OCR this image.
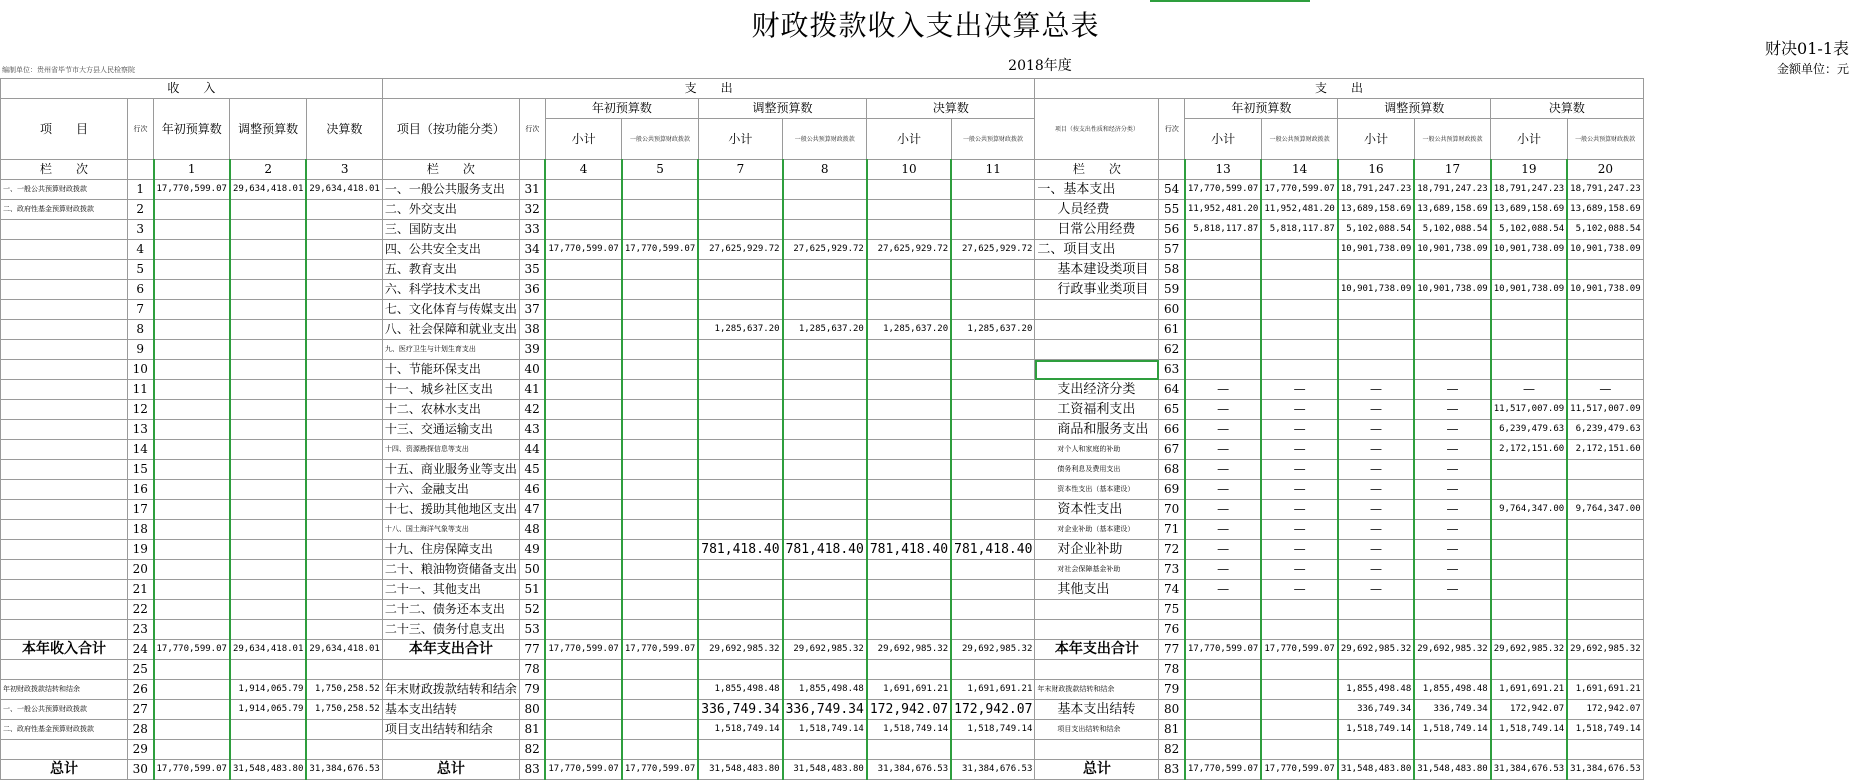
财政拨款收入支出决算总表
编制单位：贵州省毕节市大方县人民检察院	2018年度
财决01-1表
金额单位：元
收　　入					支　　出								支　　出							
项　　目	行次	年初预算数	调整预算数	决算数	项目（按功能分类）	行次	年初预算数		调整预算数		决算数		项目（按支出性质和经济分类）	行次	年初预算数		调整预算数		决算数	
							小计	一般公共预算财政拨款	小计	一般公共预算财政拨款	小计	一般公共预算财政拨款			小计	一般公共预算财政拨款	小计	一般公共预算财政拨款	小计	一般公共预算财政拨款

栏　　次		1	2	3	栏　　次		4	5	7	8	10	11	栏　　次		13	14	16	17	19	20
一、一般公共预算财政拨款	1	17,770,599.07	29,634,418.01	29,634,418.01	一、一般公共服务支出	31							一、基本支出	54	17,770,599.07	17,770,599.07	18,791,247.23	18,791,247.23	18,791,247.23	18,791,247.23
二、政府性基金预算财政拨款	2				二、外交支出	32							人员经费	55	11,952,481.20	11,952,481.20	13,689,158.69	13,689,158.69	13,689,158.69	13,689,158.69
	3				三、国防支出	33							日常公用经费	56	5,818,117.87	5,818,117.87	5,102,088.54	5,102,088.54	5,102,088.54	5,102,088.54
	4				四、公共安全支出	34	17,770,599.07	17,770,599.07	27,625,929.72	27,625,929.72	27,625,929.72	27,625,929.72	二、项目支出	57			10,901,738.09	10,901,738.09	10,901,738.09	10,901,738.09
	5				五、教育支出	35							基本建设类项目	58						
	6				六、科学技术支出	36							行政事业类项目	59			10,901,738.09	10,901,738.09	10,901,738.09	10,901,738.09
	7				七、文化体育与传媒支出	37								60						
	8				八、社会保障和就业支出	38			1,285,637.20	1,285,637.20	1,285,637.20	1,285,637.20		61						
	9				九、医疗卫生与计划生育支出	39								62						
	10				十、节能环保支出	40								63						
	11				十一、城乡社区支出	41							支出经济分类	64	—	—	—	—	—	—
	12				十二、农林水支出	42							工资福利支出	65	—	—	—	—	11,517,007.09	11,517,007.09
	13				十三、交通运输支出	43							商品和服务支出	66	—	—	—	—	6,239,479.63	6,239,479.63
	14				十四、资源勘探信息等支出	44							对个人和家庭的补助	67	—	—	—	—	2,172,151.60	2,172,151.60
	15				十五、商业服务业等支出	45							债务利息及费用支出	68	—	—	—	—		
	16				十六、金融支出	46							资本性支出（基本建设）	69	—	—	—	—		
	17				十七、援助其他地区支出	47							资本性支出	70	—	—	—	—	9,764,347.00	9,764,347.00
	18				十八、国土海洋气象等支出	48							对企业补助（基本建设）	71	—	—	—	—		
	19				十九、住房保障支出	49			781,418.40	781,418.40	781,418.40	781,418.40	对企业补助	72	—	—	—	—		
	20				二十、粮油物资储备支出	50							对社会保障基金补助	73	—	—	—	—		
	21				二十一、其他支出	51							其他支出	74	—	—	—	—		
	22				二十二、债务还本支出	52								75						
	23				二十三、债务付息支出	53								76						
本年收入合计	24	17,770,599.07	29,634,418.01	29,634,418.01	本年支出合计	77	17,770,599.07	17,770,599.07	29,692,985.32	29,692,985.32	29,692,985.32	29,692,985.32	本年支出合计	77	17,770,599.07	17,770,599.07	29,692,985.32	29,692,985.32	29,692,985.32	29,692,985.32
	25					78								78						
年初财政拨款结转和结余	26		1,914,065.79	1,750,258.52	年末财政拨款结转和结余	79			1,855,498.48	1,855,498.48	1,691,691.21	1,691,691.21	年末财政拨款结转和结余	79			1,855,498.48	1,855,498.48	1,691,691.21	1,691,691.21
一、一般公共预算财政拨款	27		1,914,065.79	1,750,258.52	基本支出结转	80			336,749.34	336,749.34	172,942.07	172,942.07	基本支出结转	80			336,749.34	336,749.34	172,942.07	172,942.07
二、政府性基金预算财政拨款	28				项目支出结转和结余	81			1,518,749.14	1,518,749.14	1,518,749.14	1,518,749.14	项目支出结转和结余	81			1,518,749.14	1,518,749.14	1,518,749.14	1,518,749.14
	29					82								82						
总计	30	17,770,599.07	31,548,483.80	31,384,676.53	总计	83	17,770,599.07	17,770,599.07	31,548,483.80	31,548,483.80	31,384,676.53	31,384,676.53	总计	83	17,770,599.07	17,770,599.07	31,548,483.80	31,548,483.80	31,384,676.53	31,384,676.53
